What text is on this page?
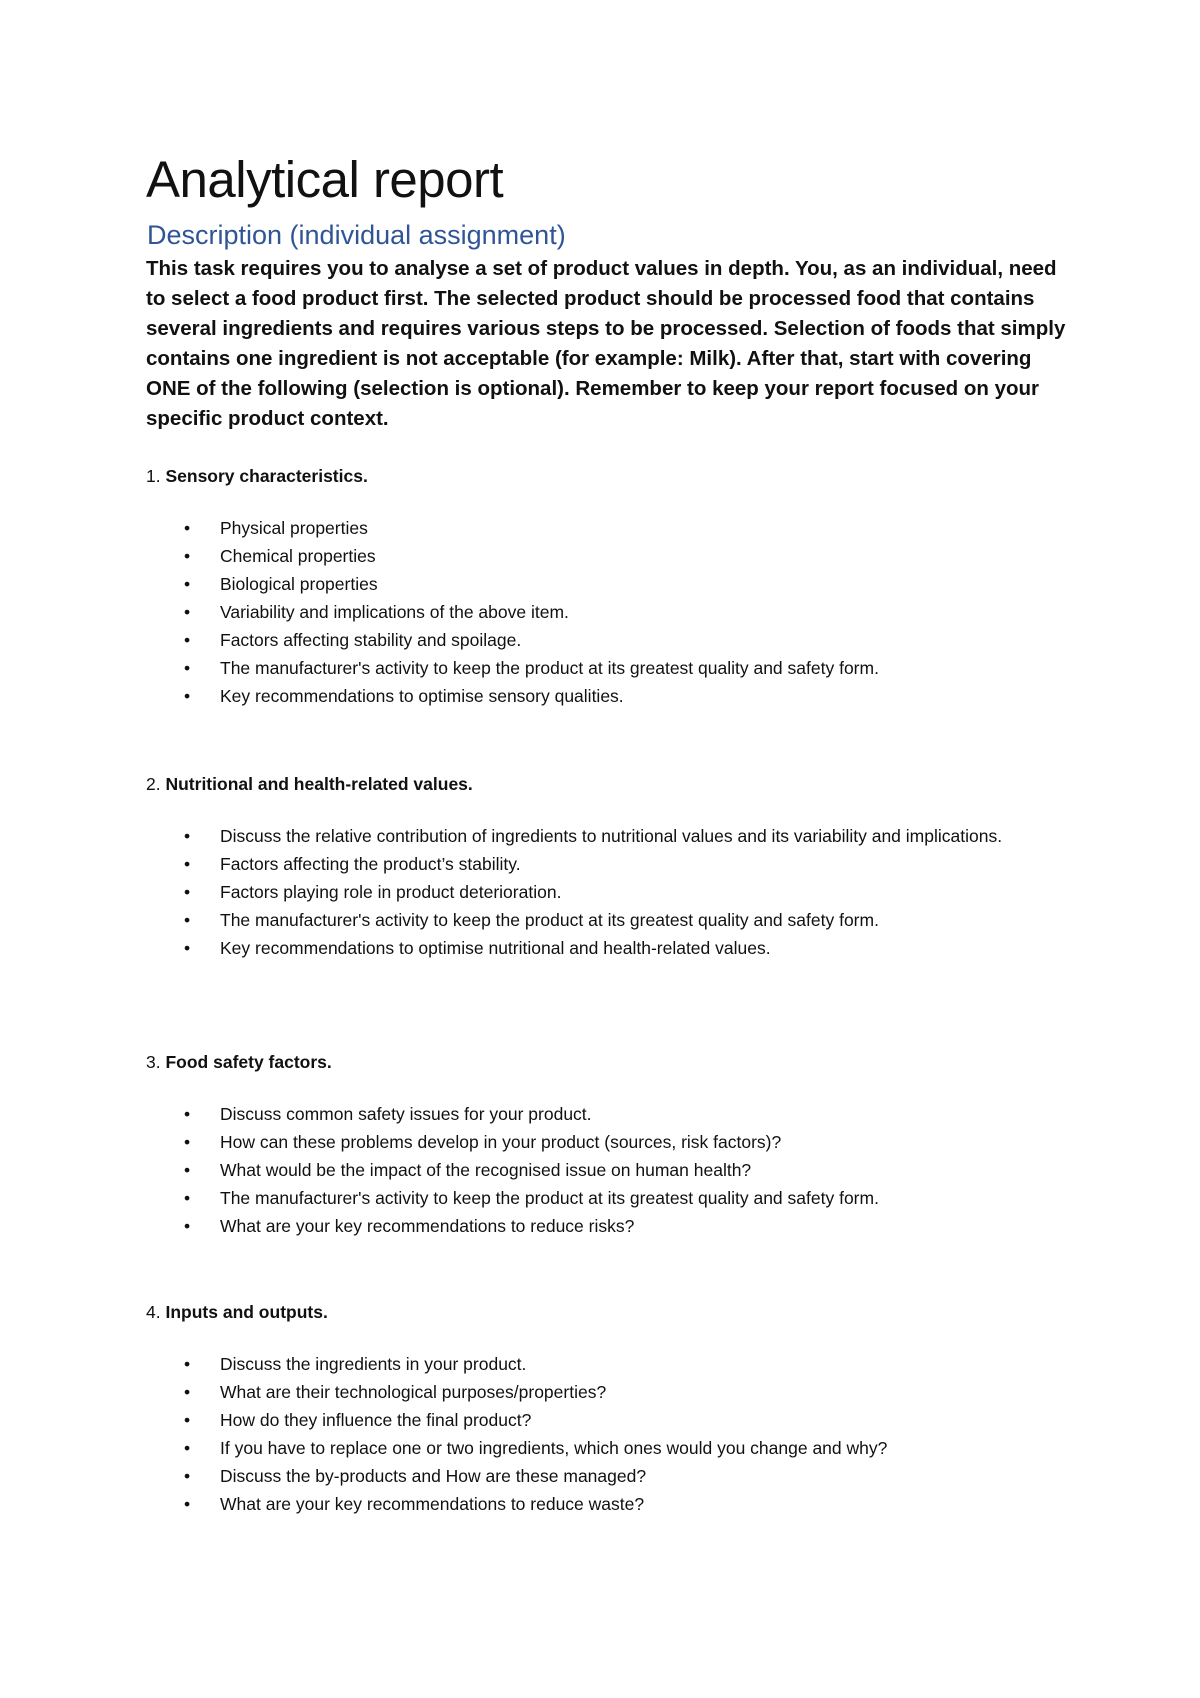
Analytical report
Description (individual assignment)
This task requires you to analyse a set of product values in depth. You, as an individual, need to select a food product first. The selected product should be processed food that contains several ingredients and requires various steps to be processed. Selection of foods that simply contains one ingredient is not acceptable (for example: Milk). After that, start with covering ONE of the following (selection is optional). Remember to keep your report focused on your specific product context.

1. Sensory characteristics.

• Physical properties
• Chemical properties
• Biological properties
• Variability and implications of the above item.
• Factors affecting stability and spoilage.
• The manufacturer's activity to keep the product at its greatest quality and safety form.
• Key recommendations to optimise sensory qualities.

2. Nutritional and health-related values.

• Discuss the relative contribution of ingredients to nutritional values and its variability and implications.
• Factors affecting the product’s stability.
• Factors playing role in product deterioration.
• The manufacturer's activity to keep the product at its greatest quality and safety form.
• Key recommendations to optimise nutritional and health-related values.

3. Food safety factors.

• Discuss common safety issues for your product.
• How can these problems develop in your product (sources, risk factors)?
• What would be the impact of the recognised issue on human health?
• The manufacturer's activity to keep the product at its greatest quality and safety form.
• What are your key recommendations to reduce risks?

4. Inputs and outputs.

• Discuss the ingredients in your product.
• What are their technological purposes/properties?
• How do they influence the final product?
• If you have to replace one or two ingredients, which ones would you change and why?
• Discuss the by-products and How are these managed?
• What are your key recommendations to reduce waste?
